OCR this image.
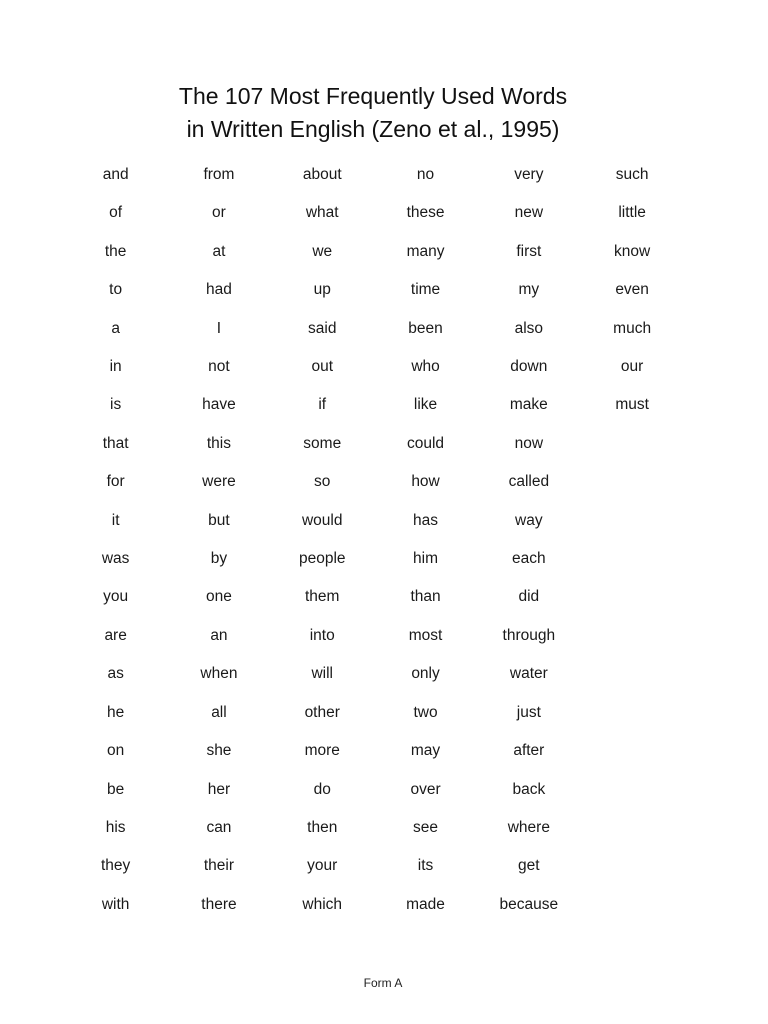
The 107 Most Frequently Used Words
in Written English (Zeno et al., 1995)
and
of
the
to
a
in
is
that
for
it
was
you
are
as
he
on
be
his
they
with
from
or
at
had
I
not
have
this
were
but
by
one
an
when
all
she
her
can
their
there
about
what
we
up
said
out
if
some
so
would
people
them
into
will
other
more
do
then
your
which
no
these
many
time
been
who
like
could
how
has
him
than
most
only
two
may
over
see
its
made
very
new
first
my
also
down
make
now
called
way
each
did
through
water
just
after
back
where
get
because
such
little
know
even
much
our
must
Form A
